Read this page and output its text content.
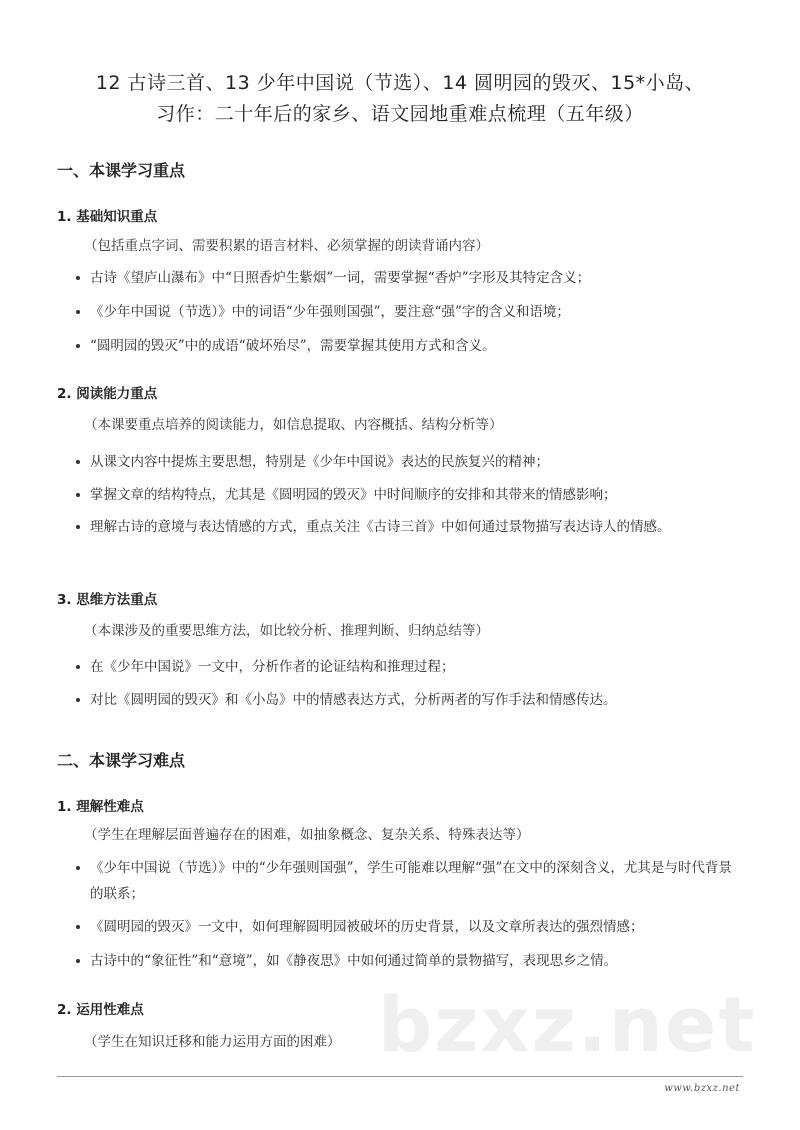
12 古诗三首、13 少年中国说（节选）、14 圆明园的毁灭、15*小岛、
习作：二十年后的家乡、语文园地重难点梳理（五年级）
一、本课学习重点
1. 基础知识重点
（包括重点字词、需要积累的语言材料、必须掌握的朗读背诵内容）
古诗《望庐山瀑布》中“日照香炉生紫烟”一词，需要掌握“香炉”字形及其特定含义；
《少年中国说（节选）》中的词语“少年强则国强”，要注意“强”字的含义和语境；
“圆明园的毁灭”中的成语“破坏殆尽”，需要掌握其使用方式和含义。
2. 阅读能力重点
（本课要重点培养的阅读能力，如信息提取、内容概括、结构分析等）
从课文内容中提炼主要思想，特别是《少年中国说》表达的民族复兴的精神；
掌握文章的结构特点，尤其是《圆明园的毁灭》中时间顺序的安排和其带来的情感影响；
理解古诗的意境与表达情感的方式，重点关注《古诗三首》中如何通过景物描写表达诗人的情感。
3. 思维方法重点
（本课涉及的重要思维方法，如比较分析、推理判断、归纳总结等）
在《少年中国说》一文中，分析作者的论证结构和推理过程；
对比《圆明园的毁灭》和《小岛》中的情感表达方式，分析两者的写作手法和情感传达。
二、本课学习难点
1. 理解性难点
（学生在理解层面普遍存在的困难，如抽象概念、复杂关系、特殊表达等）
《少年中国说（节选）》中的“少年强则国强”，学生可能难以理解“强”在文中的深刻含义，尤其是与时代背景的联系；
《圆明园的毁灭》一文中，如何理解圆明园被破坏的历史背景，以及文章所表达的强烈情感；
古诗中的“象征性”和“意境”，如《静夜思》中如何通过简单的景物描写，表现思乡之情。
2. 运用性难点
（学生在知识迁移和能力运用方面的困难） bzxz.net
www.bzxz.net
